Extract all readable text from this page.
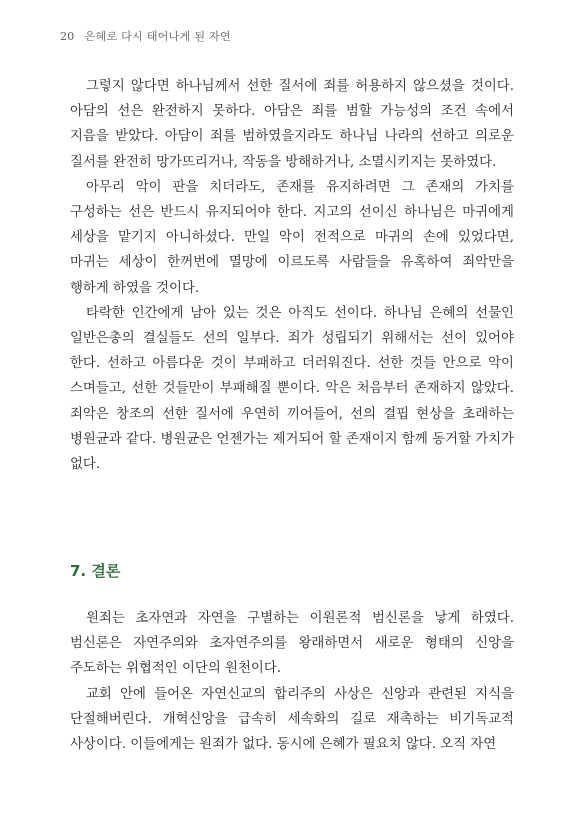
20 은혜로 다시 태어나게 된 자연

그렇지 않다면 하나님께서 선한 질서에 죄를 허용하지 않으셨을 것이다. 아담의 선은 완전하지 못하다. 아담은 죄를 범할 가능성의 조건 속에서 지음을 받았다. 아담이 죄를 범하였을지라도 하나님 나라의 선하고 의로운 질서를 완전히 망가뜨리거나, 작동을 방해하거나, 소멸시키지는 못하였다.

아무리 악이 판을 치더라도, 존재를 유지하려면 그 존재의 가치를 구성하는 선은 반드시 유지되어야 한다. 지고의 선이신 하나님은 마귀에게 세상을 맡기지 아니하셨다. 만일 악이 전적으로 마귀의 손에 있었다면, 마귀는 세상이 한꺼번에 멸망에 이르도록 사람들을 유혹하여 죄악만을 행하게 하였을 것이다.

타락한 인간에게 남아 있는 것은 아직도 선이다. 하나님 은혜의 선물인 일반은총의 결실들도 선의 일부다. 죄가 성립되기 위해서는 선이 있어야 한다. 선하고 아름다운 것이 부패하고 더러워진다. 선한 것들 안으로 악이 스며들고, 선한 것들만이 부패해질 뿐이다. 악은 처음부터 존재하지 않았다. 죄악은 창조의 선한 질서에 우연히 끼어들어, 선의 결핍 현상을 초래하는 병원균과 같다. 병원균은 언젠가는 제거되어 할 존재이지 함께 동거할 가치가 없다.

7. 결론

원죄는 초자연과 자연을 구별하는 이원론적 범신론을 낳게 하였다. 범신론은 자연주의와 초자연주의를 왕래하면서 새로운 형태의 신앙을 주도하는 위협적인 이단의 원천이다.

교회 안에 들어온 자연신교의 합리주의 사상은 신앙과 관련된 지식을 단절해버린다. 개혁신앙을 급속히 세속화의 길로 재촉하는 비기독교적 사상이다. 이들에게는 원죄가 없다. 동시에 은혜가 필요치 않다. 오직 자연
